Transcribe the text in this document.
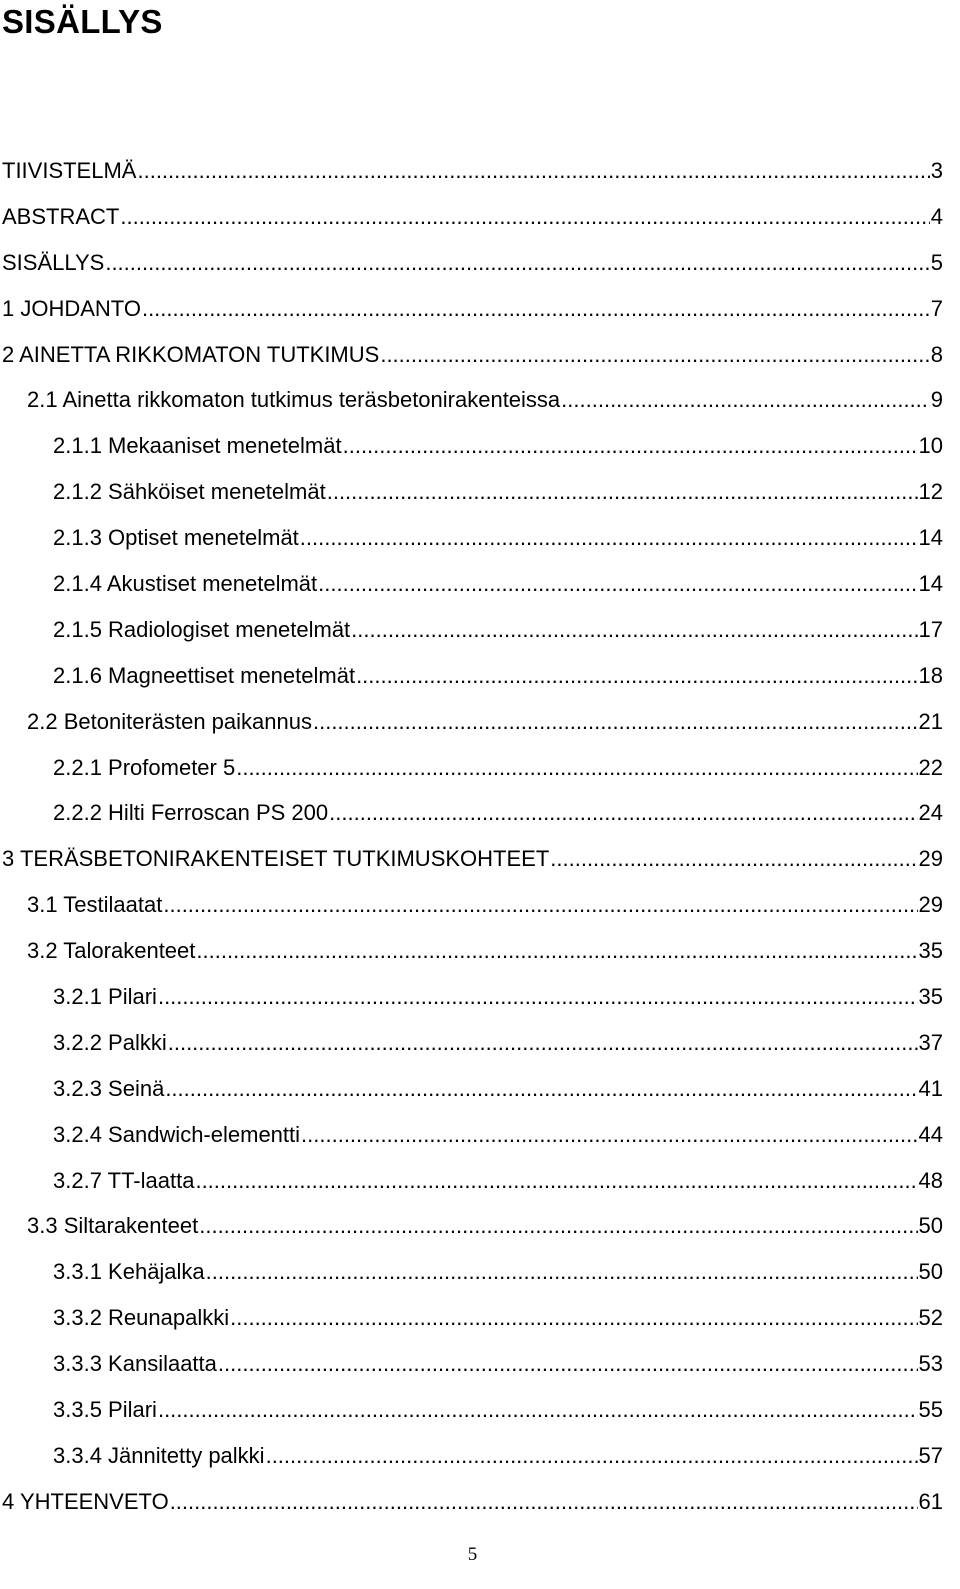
SISÄLLYS
TIIVISTELMÄ .....	3
ABSTRACT .....	4
SISÄLLYS .....	5
1 JOHDANTO .....	7
2 AINETTA RIKKOMATON TUTKIMUS .....	8
2.1 Ainetta rikkomaton tutkimus teräsbetonirakenteissa .....	9
2.1.1 Mekaaniset menetelmät .....	10
2.1.2 Sähköiset menetelmät .....	12
2.1.3 Optiset menetelmät .....	14
2.1.4 Akustiset menetelmät .....	14
2.1.5 Radiologiset menetelmät .....	17
2.1.6 Magneettiset menetelmät .....	18
2.2 Betoniterästen paikannus .....	21
2.2.1 Profometer 5 .....	22
2.2.2 Hilti Ferroscan PS 200 .....	24
3 TERÄSBETONIRAKENTEISET TUTKIMUSKOHTEET .....	29
3.1 Testilaatat .....	29
3.2 Talorakenteet .....	35
3.2.1 Pilari .....	35
3.2.2 Palkki .....	37
3.2.3 Seinä .....	41
3.2.4 Sandwich-elementti .....	44
3.2.7 TT-laatta .....	48
3.3 Siltarakenteet .....	50
3.3.1 Kehäjalka .....	50
3.3.2 Reunapalkki .....	52
3.3.3 Kansilaatta .....	53
3.3.5 Pilari .....	55
3.3.4 Jännitetty palkki .....	57
4 YHTEENVETO .....	61
5
